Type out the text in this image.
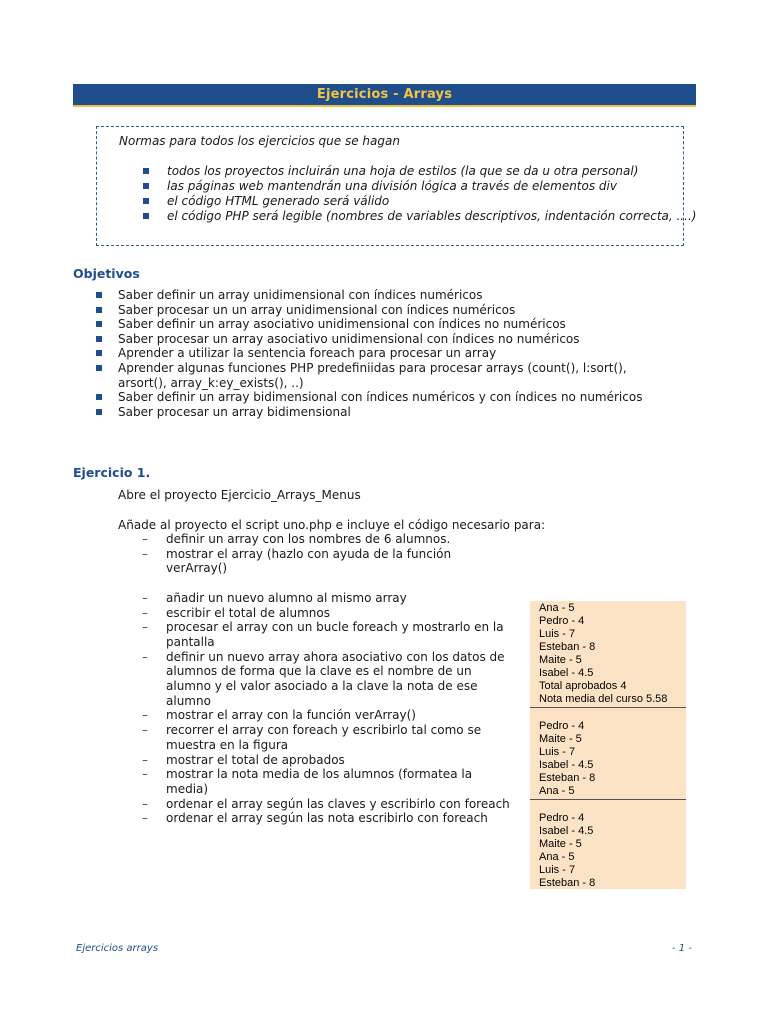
Ejercicios - Arrays
Normas para todos los ejercicios que se hagan
todos los proyectos incluirán una hoja de estilos (la que se da u otra personal)
las páginas web mantendrán una división lógica a través de elementos div
el código HTML generado será válido
el código PHP será legible (nombres de variables descriptivos, indentación correcta, ....)
Objetivos
Saber definir un array unidimensional con índices numéricos
Saber procesar un un array unidimensional con índices numéricos
Saber definir un array asociativo unidimensional con índices no numéricos
Saber procesar un array asociativo unidimensional con índices no numéricos
Aprender a utilizar la sentencia foreach para procesar un array
Aprender algunas funciones PHP predefiniidas para procesar arrays (count(), l:sort(), arsort(), array_k:ey_exists(), ..)
Saber definir un array bidimensional con índices numéricos y con índices no numéricos
Saber procesar un array bidimensional
Ejercicio 1.
Abre el proyecto Ejercicio_Arrays_Menus
Añade al proyecto el script uno.php e incluye el código necesario para:
– definir un array con los nombres de 6 alumnos.
– mostrar el array (hazlo con ayuda de la función verArray()
– añadir un nuevo alumno al mismo array
– escribir el total de alumnos
– procesar el array con un bucle foreach y mostrarlo en la pantalla
– definir un nuevo array ahora asociativo con los datos de alumnos de forma que la clave es el nombre de un alumno y el valor asociado a la clave la nota de ese alumno
– mostrar el array con la función verArray()
– recorrer el array con foreach y escribirlo tal como se muestra en la figura
– mostrar el total de aprobados
– mostrar la nota media de los alumnos (formatea la media)
– ordenar el array según las claves y escribirlo con foreach
– ordenar el array según las nota escribirlo con foreach
Ana - 5
Pedro - 4
Luis - 7
Esteban - 8
Maite - 5
Isabel - 4.5
Total aprobados 4
Nota media del curso 5.58
Pedro - 4
Maite - 5
Luis - 7
Isabel - 4.5
Esteban - 8
Ana - 5
Pedro - 4
Isabel - 4.5
Maite - 5
Ana - 5
Luis - 7
Esteban - 8
Ejercicios arrays	- 1 -
